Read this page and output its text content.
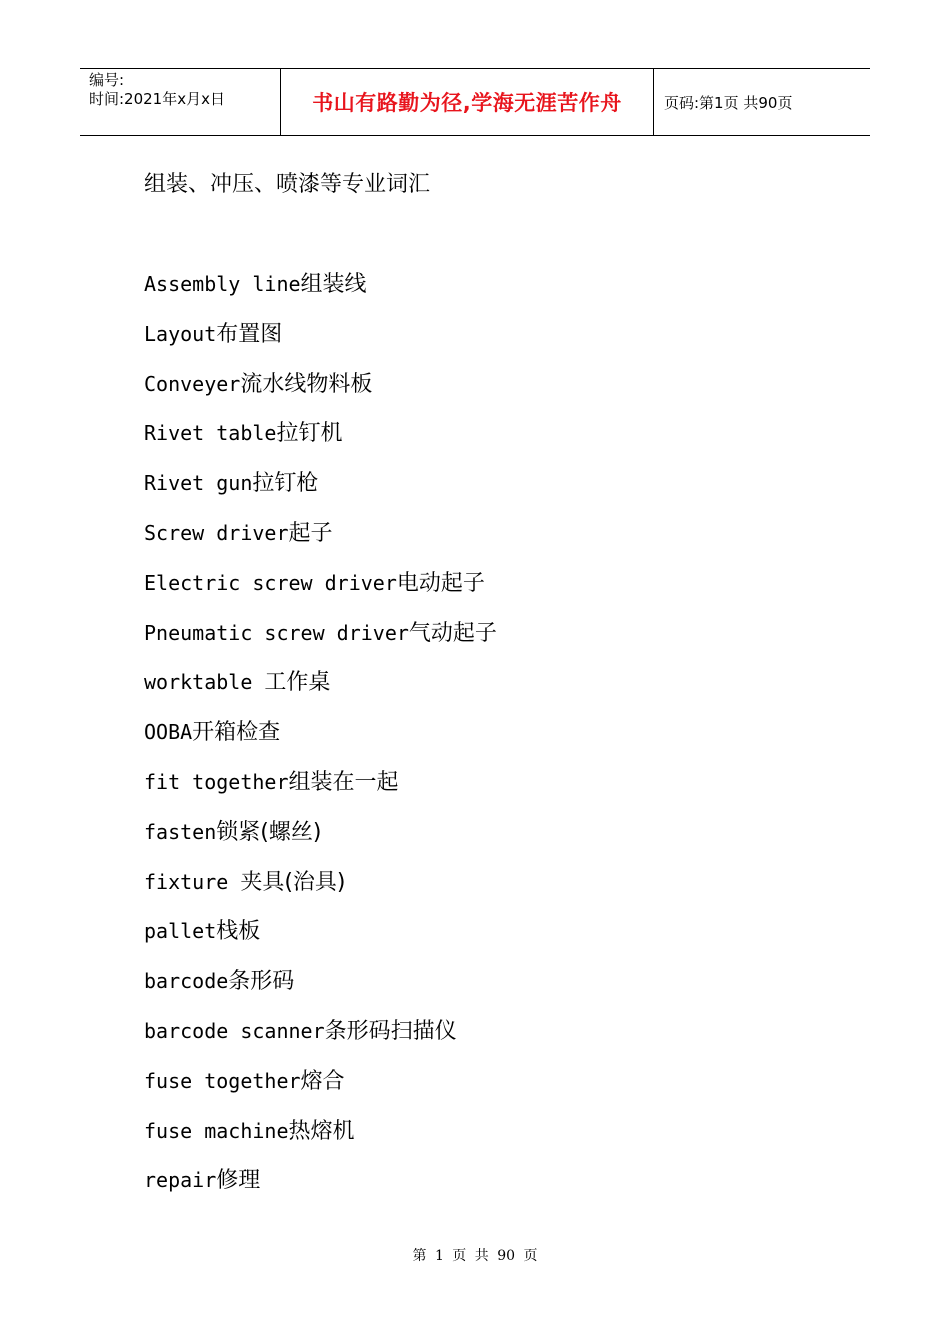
编号:
时间:2021年x月x日	书山有路勤为径,学海无涯苦作舟	页码:第1页 共90页
组装、冲压、喷漆等专业词汇
Assembly line组装线
Layout布置图
Conveyer流水线物料板
Rivet table拉钉机
Rivet gun拉钉枪
Screw driver起子
Electric screw driver电动起子
Pneumatic screw driver气动起子
worktable 工作桌
OOBA开箱检查
fit together组装在一起
fasten锁紧(螺丝)
fixture 夹具(治具)
pallet栈板
barcode条形码
barcode scanner条形码扫描仪
fuse together熔合
fuse machine热熔机
repair修理
第 1 页 共 90 页
